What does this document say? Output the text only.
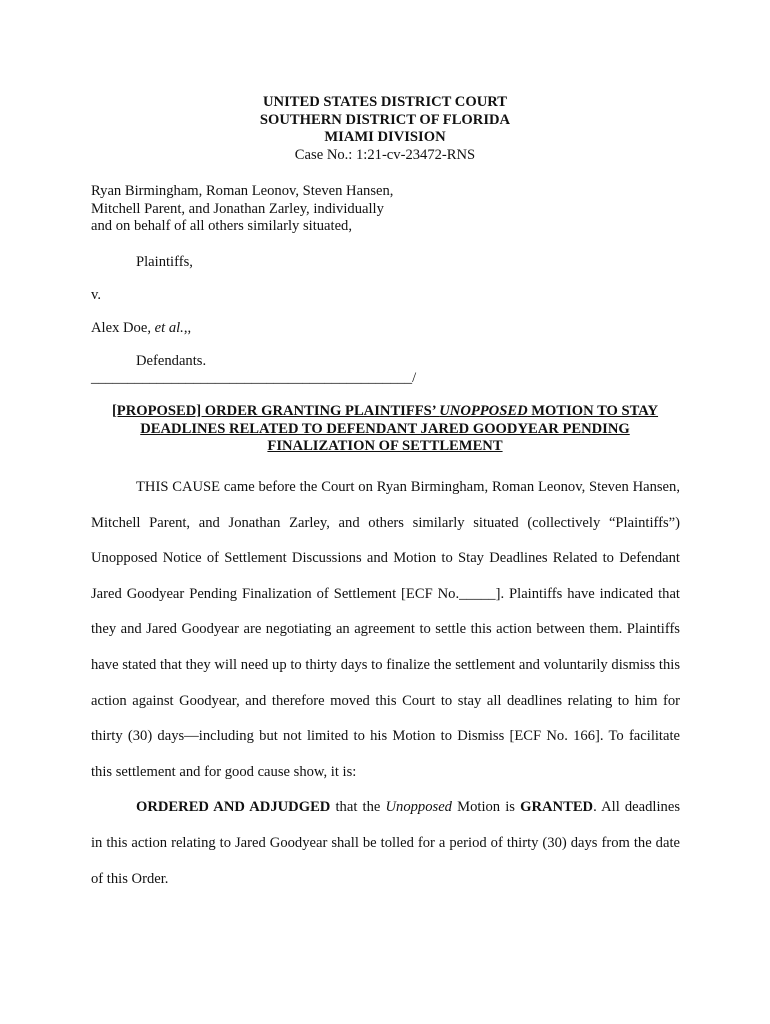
UNITED STATES DISTRICT COURT
SOUTHERN DISTRICT OF FLORIDA
MIAMI DIVISION
Case No.: 1:21-cv-23472-RNS
Ryan Birmingham, Roman Leonov, Steven Hansen,
Mitchell Parent, and Jonathan Zarley, individually
and on behalf of all others similarly situated,
Plaintiffs,
v.
Alex Doe, et al.,,
Defendants.
____________________________________________/
[PROPOSED] ORDER GRANTING PLAINTIFFS’ UNOPPOSED MOTION TO STAY
DEADLINES RELATED TO DEFENDANT JARED GOODYEAR PENDING
FINALIZATION OF SETTLEMENT

THIS CAUSE came before the Court on Ryan Birmingham, Roman Leonov, Steven Hansen, Mitchell Parent, and Jonathan Zarley, and others similarly situated (collectively “Plaintiffs”) Unopposed Notice of Settlement Discussions and Motion to Stay Deadlines Related to Defendant Jared Goodyear Pending Finalization of Settlement [ECF No._____]. Plaintiffs have indicated that they and Jared Goodyear are negotiating an agreement to settle this action between them. Plaintiffs have stated that they will need up to thirty days to finalize the settlement and voluntarily dismiss this action against Goodyear, and therefore moved this Court to stay all deadlines relating to him for thirty (30) days—including but not limited to his Motion to Dismiss [ECF No. 166]. To facilitate this settlement and for good cause show, it is:

ORDERED AND ADJUDGED that the Unopposed Motion is GRANTED. All deadlines in this action relating to Jared Goodyear shall be tolled for a period of thirty (30) days from the date of this Order.
